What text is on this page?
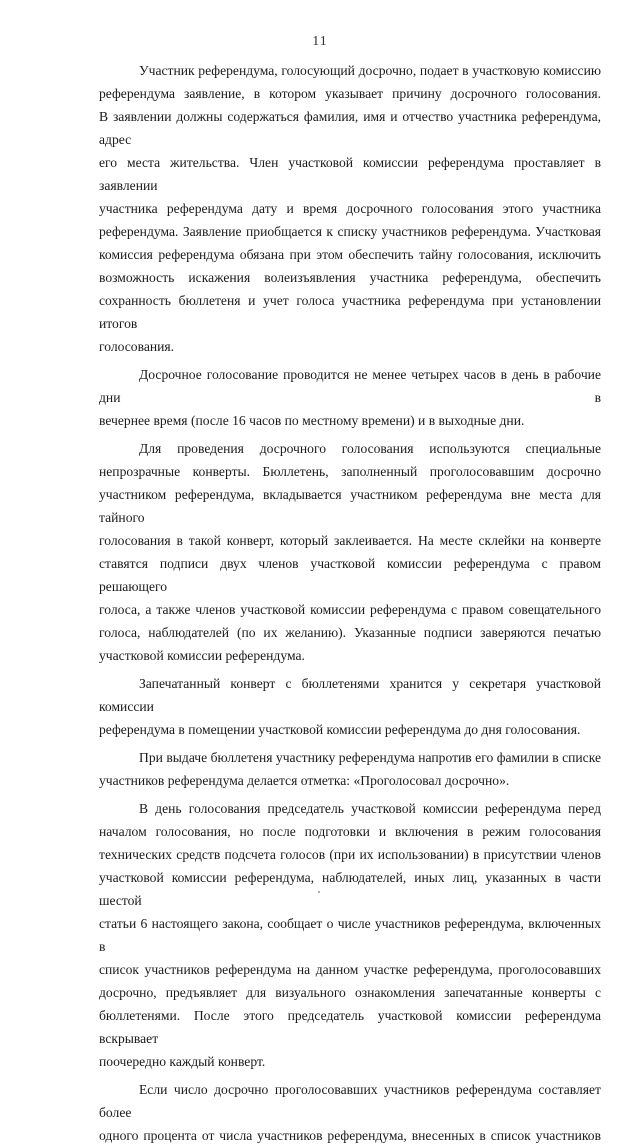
11

Участник референдума, голосующий досрочно, подает в участковую комиссию

референдума заявление, в котором указывает причину досрочного голосования.

В заявлении должны содержаться фамилия, имя и отчество участника референдума, адрес

его места жительства. Член участковой комиссии референдума проставляет в заявлении

участника референдума дату и время досрочного голосования этого участника

референдума. Заявление приобщается к списку участников референдума. Участковая

комиссия референдума обязана при этом обеспечить тайну голосования, исключить

возможность искажения волеизъявления участника референдума, обеспечить

сохранность бюллетеня и учет голоса участника референдума при установлении итогов

голосования.

Досрочное голосование проводится не менее четырех часов в день в рабочие дни в

вечернее время (после 16 часов по местному времени) и в выходные дни.

Для проведения досрочного голосования используются специальные

непрозрачные конверты. Бюллетень, заполненный проголосовавшим досрочно

участником референдума, вкладывается участником референдума вне места для тайного

голосования в такой конверт, который заклеивается. На месте склейки на конверте

ставятся подписи двух членов участковой комиссии референдума с правом решающего

голоса, а также членов участковой комиссии референдума с правом совещательного

голоса, наблюдателей (по их желанию). Указанные подписи заверяются печатью

участковой комиссии референдума.

Запечатанный конверт с бюллетенями хранится у секретаря участковой комиссии

референдума в помещении участковой комиссии референдума до дня голосования.

При выдаче бюллетеня участнику референдума напротив его фамилии в списке

участников референдума делается отметка: «Проголосовал досрочно».

В день голосования председатель участковой комиссии референдума перед

началом голосования, но после подготовки и включения в режим голосования

технических средств подсчета голосов (при их использовании) в присутствии членов

участковой комиссии референдума, наблюдателей, иных лиц, указанных в части шестой

статьи 6 настоящего закона, сообщает о числе участников референдума, включенных в

список участников референдума на данном участке референдума, проголосовавших

досрочно, предъявляет для визуального ознакомления запечатанные конверты с

бюллетенями. После этого председатель участковой комиссии референдума вскрывает

поочередно каждый конверт.

Если число досрочно проголосовавших участников референдума составляет более

одного процента от числа участников референдума, внесенных в список участников
